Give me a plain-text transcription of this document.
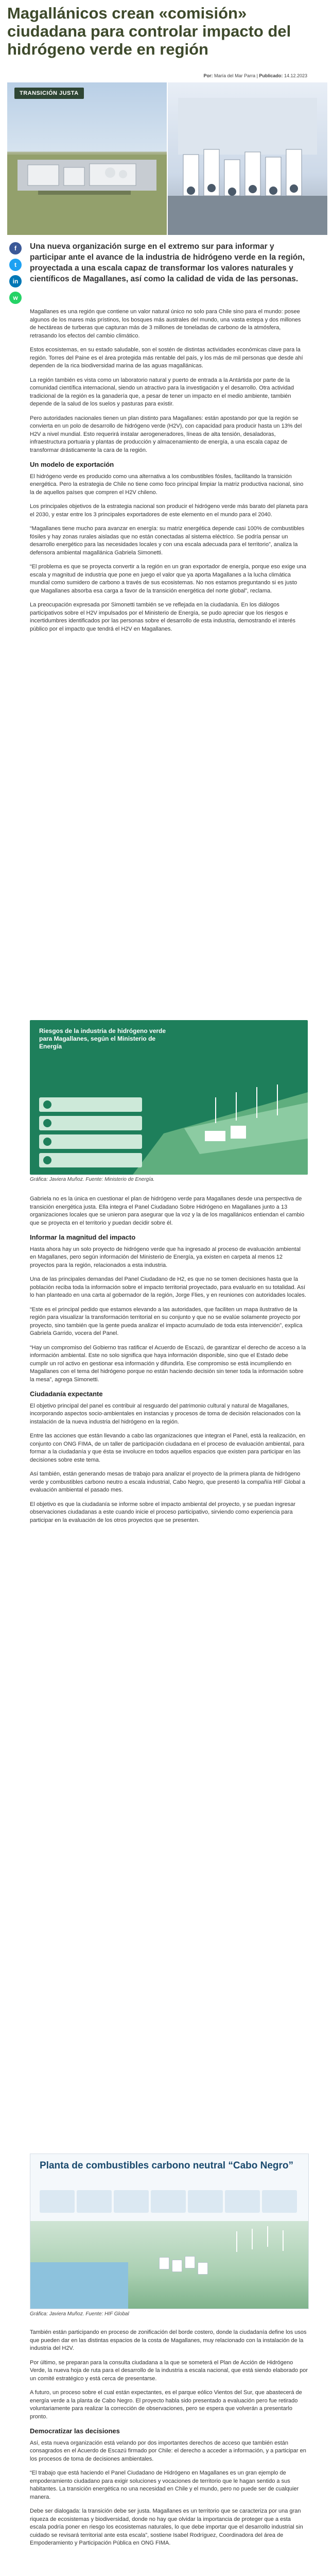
Magallánicos crean «comisión» ciudadana para controlar impacto del hidrógeno verde en región
Por: María del Mar Parra | Publicado: 14.12.2023
TRANSICIÓN JUSTA
f
t
in
w
Una nueva organización surge en el extremo sur para informar y participar ante el avance de la industria de hidrógeno verde en la región, proyectada a una escala capaz de transformar los valores naturales y científicos de Magallanes, así como la calidad de vida de las personas.

Magallanes es una región que contiene un valor natural único no solo para Chile sino para el mundo: posee algunos de los mares más prístinos, los bosques más australes del mundo, una vasta estepa y dos millones de hectáreas de turberas que capturan más de 3 millones de toneladas de carbono de la atmósfera, retrasando los efectos del cambio climático.

Estos ecosistemas, en su estado saludable, son el sostén de distintas actividades económicas clave para la región. Torres del Paine es el área protegida más rentable del país, y los más de mil personas que desde ahí dependen de la rica biodiversidad marina de las aguas magallánicas.

La región también es vista como un laboratorio natural y puerto de entrada a la Antártida por parte de la comunidad científica internacional, siendo un atractivo para la investigación y el desarrollo. Otra actividad tradicional de la región es la ganadería que, a pesar de tener un impacto en el medio ambiente, también depende de la salud de los suelos y pasturas para existir.

Pero autoridades nacionales tienen un plan distinto para Magallanes: están apostando por que la región se convierta en un polo de desarrollo de hidrógeno verde (H2V), con capacidad para producir hasta un 13% del H2V a nivel mundial. Esto requerirá instalar aerogeneradores, líneas de alta tensión, desaladoras, infraestructura portuaria y plantas de producción y almacenamiento de energía, a una escala capaz de transformar drásticamente la cara de la región.

Un modelo de exportación

El hidrógeno verde es producido como una alternativa a los combustibles fósiles, facilitando la transición energética. Pero la estrategia de Chile no tiene como foco principal limpiar la matriz productiva nacional, sino la de aquellos países que compren el H2V chileno.

Los principales objetivos de la estrategia nacional son producir el hidrógeno verde más barato del planeta para el 2030, y estar entre los 3 principales exportadores de este elemento en el mundo para el 2040.

“Magallanes tiene mucho para avanzar en energía: su matriz energética depende casi 100% de combustibles fósiles y hay zonas rurales aisladas que no están conectadas al sistema eléctrico. Se podría pensar un desarrollo energético para las necesidades locales y con una escala adecuada para el territorio”, analiza la defensora ambiental magallánica Gabriela Simonetti.

“El problema es que se proyecta convertir a la región en un gran exportador de energía, porque eso exige una escala y magnitud de industria que pone en juego el valor que ya aporta Magallanes a la lucha climática mundial como sumidero de carbono a través de sus ecosistemas. No nos estamos preguntando si es justo que Magallanes absorba esa carga a favor de la transición energética del norte global”, reclama.

La preocupación expresada por Simonetti también se ve reflejada en la ciudadanía. En los diálogos participativos sobre el H2V impulsados por el Ministerio de Energía, se pudo apreciar que los riesgos e incertidumbres identificados por las personas sobre el desarrollo de esta industria, demostrando el interés público por el impacto que tendrá el H2V en Magallanes.

Riesgos de la industria de hidrógeno verde para Magallanes, según el Ministerio de Energía
Gráfica: Javiera Muñoz. Fuente: Ministerio de Energía.

Gabriela no es la única en cuestionar el plan de hidrógeno verde para Magallanes desde una perspectiva de transición energética justa. Ella integra el Panel Ciudadano Sobre Hidrógeno en Magallanes junto a 13 organizaciones locales que se unieron para asegurar que la voz y la de los magallánicos entiendan el cambio que se proyecta en el territorio y puedan decidir sobre él.

Informar la magnitud del impacto

Hasta ahora hay un solo proyecto de hidrógeno verde que ha ingresado al proceso de evaluación ambiental en Magallanes, pero según información del Ministerio de Energía, ya existen en carpeta al menos 12 proyectos para la región, relacionados a esta industria.

Una de las principales demandas del Panel Ciudadano de H2, es que no se tomen decisiones hasta que la población reciba toda la información sobre el impacto territorial proyectado, para evaluarlo en su totalidad. Así lo han planteado en una carta al gobernador de la región, Jorge Flies, y en reuniones con autoridades locales.

“Este es el principal pedido que estamos elevando a las autoridades, que faciliten un mapa ilustrativo de la región para visualizar la transformación territorial en su conjunto y que no se evalúe solamente proyecto por proyecto, sino también que la gente pueda analizar el impacto acumulado de toda esta intervención”, explica Gabriela Garrido, vocera del Panel.

“Hay un compromiso del Gobierno tras ratificar el Acuerdo de Escazú, de garantizar el derecho de acceso a la información ambiental. Este no solo significa que haya información disponible, sino que el Estado debe cumplir un rol activo en gestionar esa información y difundirla. Ese compromiso se está incumpliendo en Magallanes con el tema del hidrógeno porque no están haciendo decisión sin tener toda la información sobre la mesa”, agrega Simonetti.

Ciudadanía expectante

El objetivo principal del panel es contribuir al resguardo del patrimonio cultural y natural de Magallanes, incorporando aspectos socio-ambientales en instancias y procesos de toma de decisión relacionados con la instalación de la nueva industria del hidrógeno en la región.

Entre las acciones que están llevando a cabo las organizaciones que integran el Panel, está la realización, en conjunto con ONG FIMA, de un taller de participación ciudadana en el proceso de evaluación ambiental, para formar a la ciudadanía y que ésta se involucre en todos aquellos espacios que existen para participar en las decisiones sobre este tema.

Así también, están generando mesas de trabajo para analizar el proyecto de la primera planta de hidrógeno verde y combustibles carbono neutro a escala industrial, Cabo Negro, que presentó la compañía HIF Global a evaluación ambiental el pasado mes.

El objetivo es que la ciudadanía se informe sobre el impacto ambiental del proyecto, y se puedan ingresar observaciones ciudadanas a este cuando inicie el proceso participativo, sirviendo como experiencia para participar en la evaluación de los otros proyectos que se presenten.

Planta de combustibles carbono neutral “Cabo Negro”
Gráfica: Javiera Muñoz. Fuente: HIF Global

También están participando en proceso de zonificación del borde costero, donde la ciudadanía define los usos que pueden dar en las distintas espacios de la costa de Magallanes, muy relacionado con la instalación de la industria del H2V.

Por último, se preparan para la consulta ciudadana a la que se someterá el Plan de Acción de Hidrógeno Verde, la nueva hoja de ruta para el desarrollo de la industria a escala nacional, que está siendo elaborado por un comité estratégico y está cerca de presentarse.

A futuro, un proceso sobre el cual están expectantes, es el parque eólico Vientos del Sur, que abastecerá de energía verde a la planta de Cabo Negro. El proyecto habla sido presentado a evaluación pero fue retirado voluntariamente para realizar la corrección de observaciones, pero se espera que volverán a presentarlo pronto.

Democratizar las decisiones

Así, esta nueva organización está velando por dos importantes derechos de acceso que también están consagrados en el Acuerdo de Escazú firmado por Chile: el derecho a acceder a información, y a participar en los procesos de toma de decisiones ambientales.

“El trabajo que está haciendo el Panel Ciudadano de Hidrógeno en Magallanes es un gran ejemplo de empoderamiento ciudadano para exigir soluciones y vocaciones de territorio que le hagan sentido a sus habitantes. La transición energética no una necesidad en Chile y el mundo, pero no puede ser de cualquier manera.

Debe ser dialogada: la transición debe ser justa. Magallanes es un territorio que se caracteriza por una gran riqueza de ecosistemas y biodiversidad, donde no hay que olvidar la importancia de proteger que a esta escala podría poner en riesgo los ecosistemas naturales, lo que debe importar que el desarrollo industrial sin cuidado se revisará territorial ante esta escala”, sostiene Isabel Rodríguez, Coordinadora del área de Empoderamiento y Participación Pública en ONG FIMA.
